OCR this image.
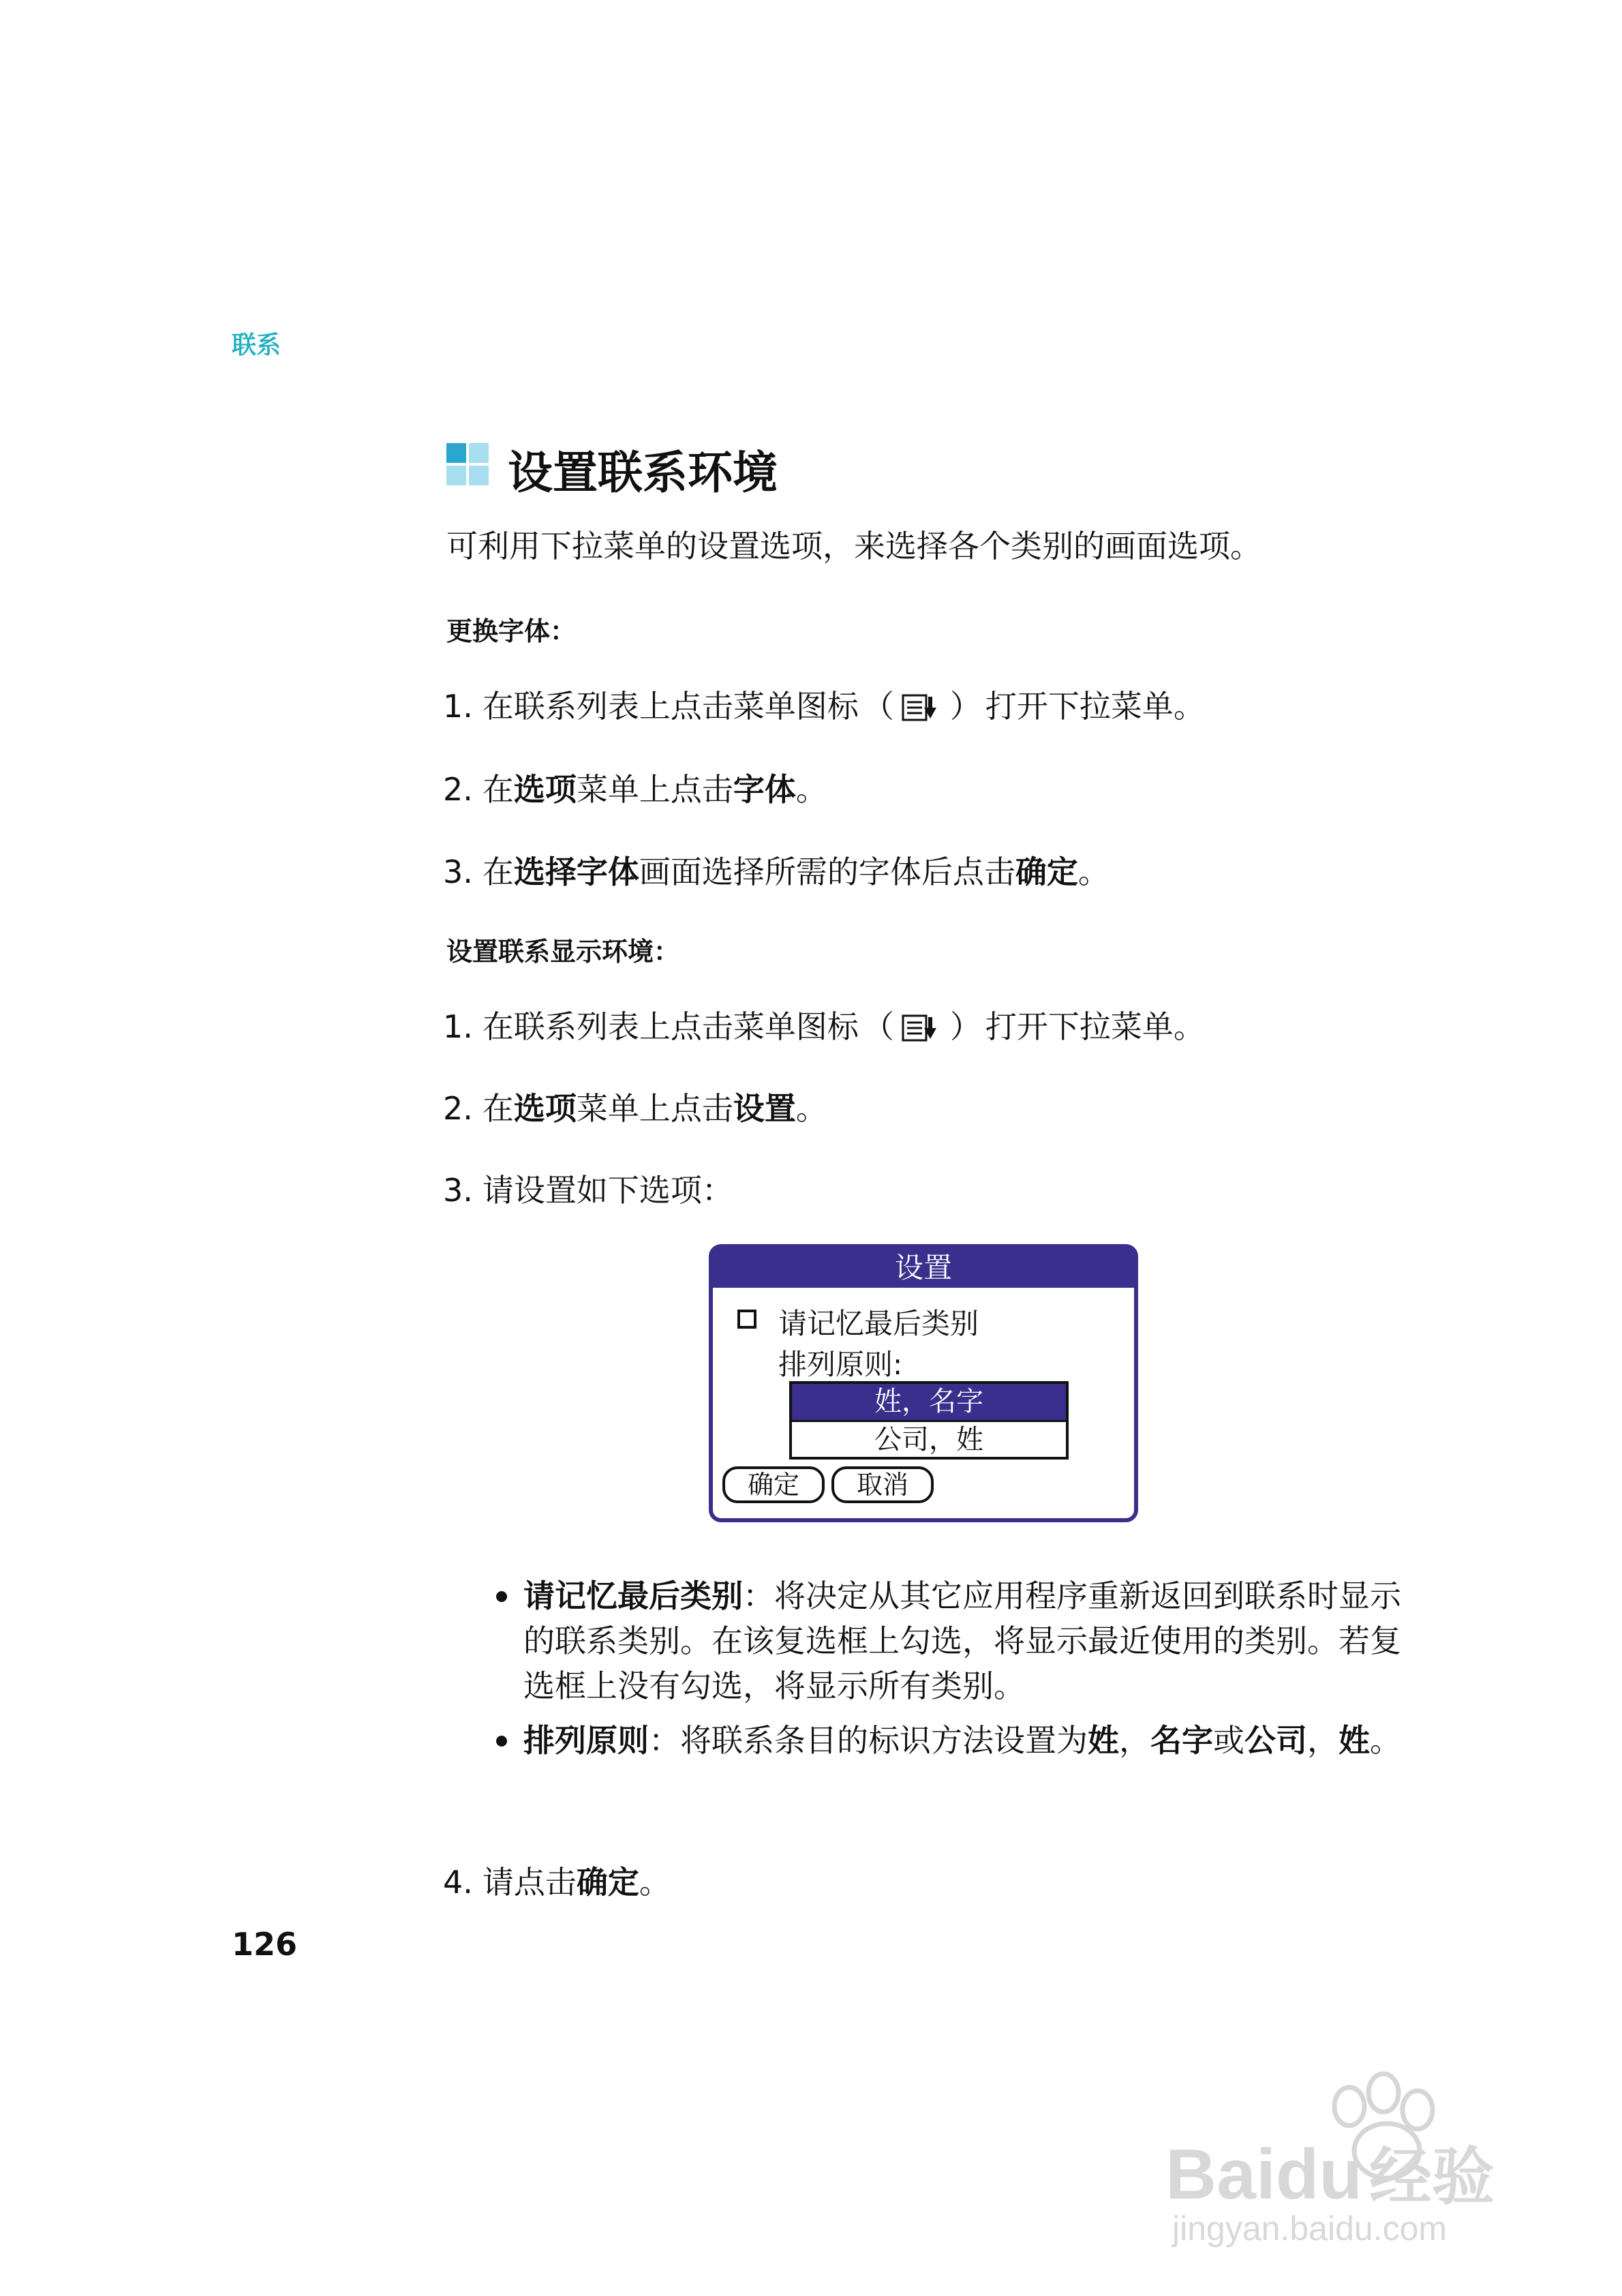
联系
设置联系环境
可利用下拉菜单的设置选项，来选择各个类别的画面选项。
更换字体：
1. 在联系列表上点击菜单图标 （ ） 打开下拉菜单。
2. 在选项菜单上点击字体。
3. 在选择字体画面选择所需的字体后点击确定。
设置联系显示环境：
1. 在联系列表上点击菜单图标 （ ） 打开下拉菜单。
2. 在选项菜单上点击设置。
3. 请设置如下选项：
设置
请记忆最后类别
排列原则:
姓，名字
公司，姓
确定	取消
请记忆最后类别：将决定从其它应用程序重新返回到联系时显示的联系类别。在该复选框上勾选，将显示最近使用的类别。若复选框上没有勾选，将显示所有类别。
排列原则：将联系条目的标识方法设置为姓，名字或公司，姓。
4. 请点击确定。
126
Baidu 经验
jingyan.baidu.com
